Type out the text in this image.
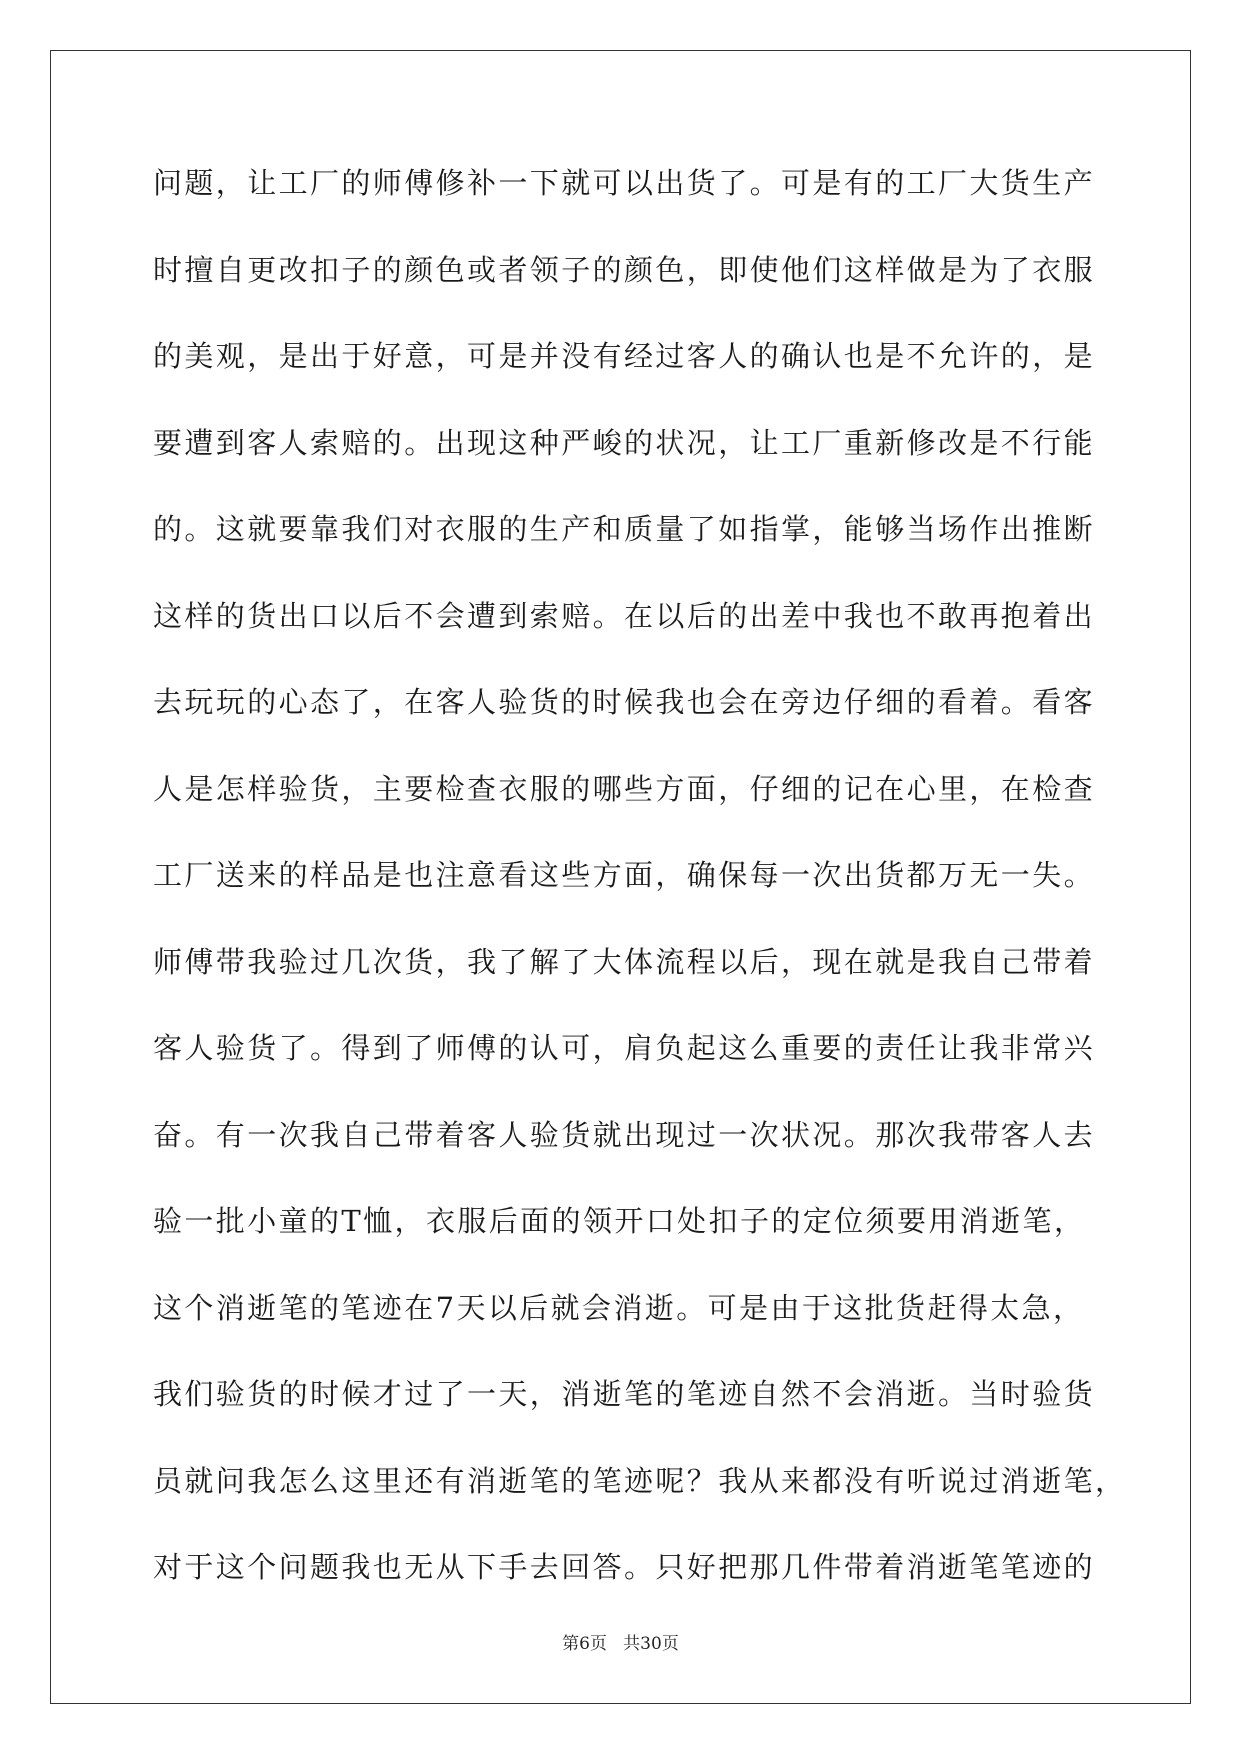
问题，让工厂的师傅修补一下就可以出货了。可是有的工厂大货生产
时擅自更改扣子的颜色或者领子的颜色，即使他们这样做是为了衣服
的美观，是出于好意，可是并没有经过客人的确认也是不允许的，是
要遭到客人索赔的。出现这种严峻的状况，让工厂重新修改是不行能
的。这就要靠我们对衣服的生产和质量了如指掌，能够当场作出推断
这样的货出口以后不会遭到索赔。在以后的出差中我也不敢再抱着出
去玩玩的心态了，在客人验货的时候我也会在旁边仔细的看着。看客
人是怎样验货，主要检查衣服的哪些方面，仔细的记在心里，在检查
工厂送来的样品是也注意看这些方面，确保每一次出货都万无一失。
师傅带我验过几次货，我了解了大体流程以后，现在就是我自己带着
客人验货了。得到了师傅的认可，肩负起这么重要的责任让我非常兴
奋。有一次我自己带着客人验货就出现过一次状况。那次我带客人去
验一批小童的T恤，衣服后面的领开口处扣子的定位须要用消逝笔，
这个消逝笔的笔迹在7天以后就会消逝。可是由于这批货赶得太急，
我们验货的时候才过了一天，消逝笔的笔迹自然不会消逝。当时验货
员就问我怎么这里还有消逝笔的笔迹呢？我从来都没有听说过消逝笔，
对于这个问题我也无从下手去回答。只好把那几件带着消逝笔笔迹的
第6页   共30页
